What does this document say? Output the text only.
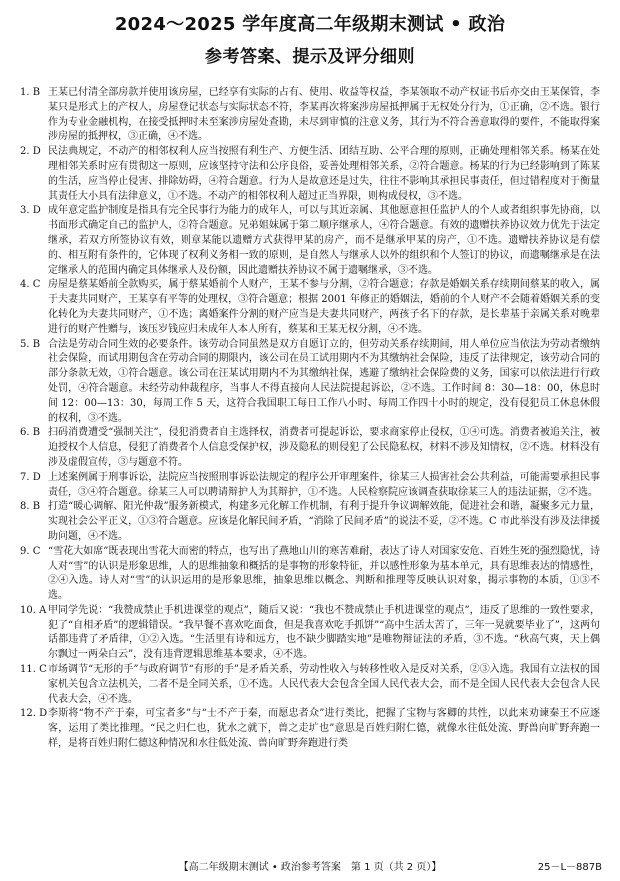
2024～2025 学年度高二年级期末测试 • 政治
参考答案、提示及评分细则

1. B 王某已付清全部房款并使用该房屋，已经享有实际的占有、使用、收益等权益，李某领取不动产权证书后亦交由王某保管，李某只是形式上的产权人，房屋登记状态与实际状态不符，李某再次将案涉房屋抵押属于无权处分行为，①正确，②不选。银行作为专业金融机构，在接受抵押时未至案涉房屋处查勘，未尽到审慎的注意义务，其行为不符合善意取得的要件，不能取得案涉房屋的抵押权，③正确，④不选。

2. D 民法典规定，不动产的相邻权利人应当按照有利生产、方便生活、团结互助、公平合理的原则，正确处理相邻关系。杨某在处理相邻关系时应有贯彻这一原则，应该坚持守法和公序良俗，妥善处理相邻关系，②符合题意。杨某的行为已经影响到了陈某的生活，应当停止侵害、排除妨碍，④符合题意。行为人是故意还是过失，往往不影响其承担民事责任，但过错程度对于衡量其责任大小具有法律意义，①不选。不动产的相邻权利人超过正当界限，则构成侵权，③不选。

3. D 成年意定监护制度是指具有完全民事行为能力的成年人，可以与其近亲属、其他愿意担任监护人的个人或者组织事先协商，以书面形式确定自己的监护人，②符合题意。兄弟姐妹属于第二顺序继承人，④符合题意。有效的遗赠扶养协议效力优先于法定继承，若双方所签协议有效，则章某能以遗赠方式获得甲某的房产，而不是继承甲某的房产，①不选。遗赠扶养协议是有偿的、相互附有条件的，它体现了权利义务相一致的原则，是自然人与继承人以外的组织和个人签订的协议，而遗嘱继承是在法定继承人的范围内确定具体继承人及份额，因此遗赠扶养协议不属于遗嘱继承，③不选。

4. C 房屋是蔡某婚前全款购买，属于蔡某婚前个人财产，王某不参与分割，②符合题意；存款是婚姻关系存续期间蔡某的收入，属于夫妻共同财产，王某享有平等的处理权，③符合题意；根据 2001 年修正的婚姻法，婚前的个人财产不会随着婚姻关系的变化转化为夫妻共同财产，①不选；离婚案件分割的财产应当是夫妻共同财产，两孩子名下的存款，是长辈基于亲属关系对晚辈进行的财产性赠与，该压岁钱应归未成年人本人所有，蔡某和王某无权分割，④不选。

5. B 合法是劳动合同生效的必要条件。该劳动合同虽然是双方自愿订立的，但劳动关系存续期间，用人单位应当依法为劳动者缴纳社会保险，而试用期包含在劳动合同的期限内，该公司在员工试用期内不为其缴纳社会保险，违反了法律规定，该劳动合同的部分条款无效，①符合题意。该公司在汪某试用期内不为其缴纳社保，逃避了缴纳社会保险费的义务，国家可以依法进行行政处罚，④符合题意。未经劳动仲裁程序，当事人不得直接向人民法院提起诉讼，②不选。工作时间 8：30—18：00，休息时间 12：00—13：30，每周工作 5 天，这符合我国职工每日工作八小时、每周工作四十小时的规定，没有侵犯员工休息休假的权利，③不选。

6. B 扫码消费遭受“强制关注”，侵犯消费者自主选择权，消费者可提起诉讼，要求商家停止侵权，①④可选。消费者被追关注，被迫授权个人信息，侵犯了消费者个人信息受保护权，涉及隐私的则侵犯了公民隐私权，材料不涉及知情权，②不选。材料没有涉及虚假宣传，③与题意不符。

7. D 上述案例属于刑事诉讼，法院应当按照刑事诉讼法规定的程序公开审理案件，徐某三人损害社会公共利益，可能需要承担民事责任，③④符合题意。徐某三人可以聘请辩护人为其辩护，①不选。人民检察院应该调查获取徐某三人的违法证据，②不选。

8. B 打造“暖心调解、阳光仲裁”服务新模式，构建多元化解工作机制，有利于提升争议调解效能，促进社会和谐，凝聚多元力量，实现社会公平正义，①③符合题意。应该是化解民间矛盾，“消除了民间矛盾”的说法不妥，②不选。C 市此举没有涉及法律援助问题，④不选。

9. C “雪花大如席”既表现出雪花大而密的特点，也写出了燕地山川的寒苦难耐，表达了诗人对国家安危、百姓生死的强烈隐忧，诗人对“雪”的认识是形象思维，人的思维抽象和概括的是事物的形象特征，并以感性形象为基本单元，具有思维表达的情感性，②④入选。诗人对“雪”的认识运用的是形象思维，抽象思维以概念、判断和推理等反映认识对象，揭示事物的本质，①③不选。

10. A 甲同学先说：“我赞成禁止手机进课堂的观点”，随后又说：“我也不赞成禁止手机进课堂的观点”，违反了思维的一致性要求，犯了“自相矛盾”的逻辑错误。“我早餐不喜欢吃面食，但是我喜欢吃手抓饼”“高中生活太苦了，三年一晃就要毕业了”，这两句话都违背了矛盾律，①②入选。“生活里有诗和远方，也不缺少脚踏实地”是唯物辩证法的矛盾，③不选。“秋高气爽，天上偶尔飘过一两朵白云”，没有违背逻辑思维基本要求，④不选。

11. C 市场调节“无形的手”与政府调节“有形的手”是矛盾关系，劳动性收入与转移性收入是反对关系，②③入选。我国有立法权的国家机关包含立法机关，二者不是全同关系，①不选。人民代表大会包含全国人民代表大会，而不是全国人民代表大会包含人民代表大会，④不选。

12. D 李斯将“物不产于秦，可宝者多”与“士不产于秦，而愿忠者众”进行类比，把握了宝物与客卿的共性，以此来劝谏秦王不应逐客，运用了类比推理。“民之归仁也，犹水之就下，兽之走圹也”意思是百姓归附仁德，就像水往低处流、野兽向旷野奔跑一样，是将百姓归附仁德这种情况和水往低处流、兽向旷野奔跑进行类

【高二年级期末测试 • 政治参考答案　第 1 页（共 2 页）】	25－L－887B
